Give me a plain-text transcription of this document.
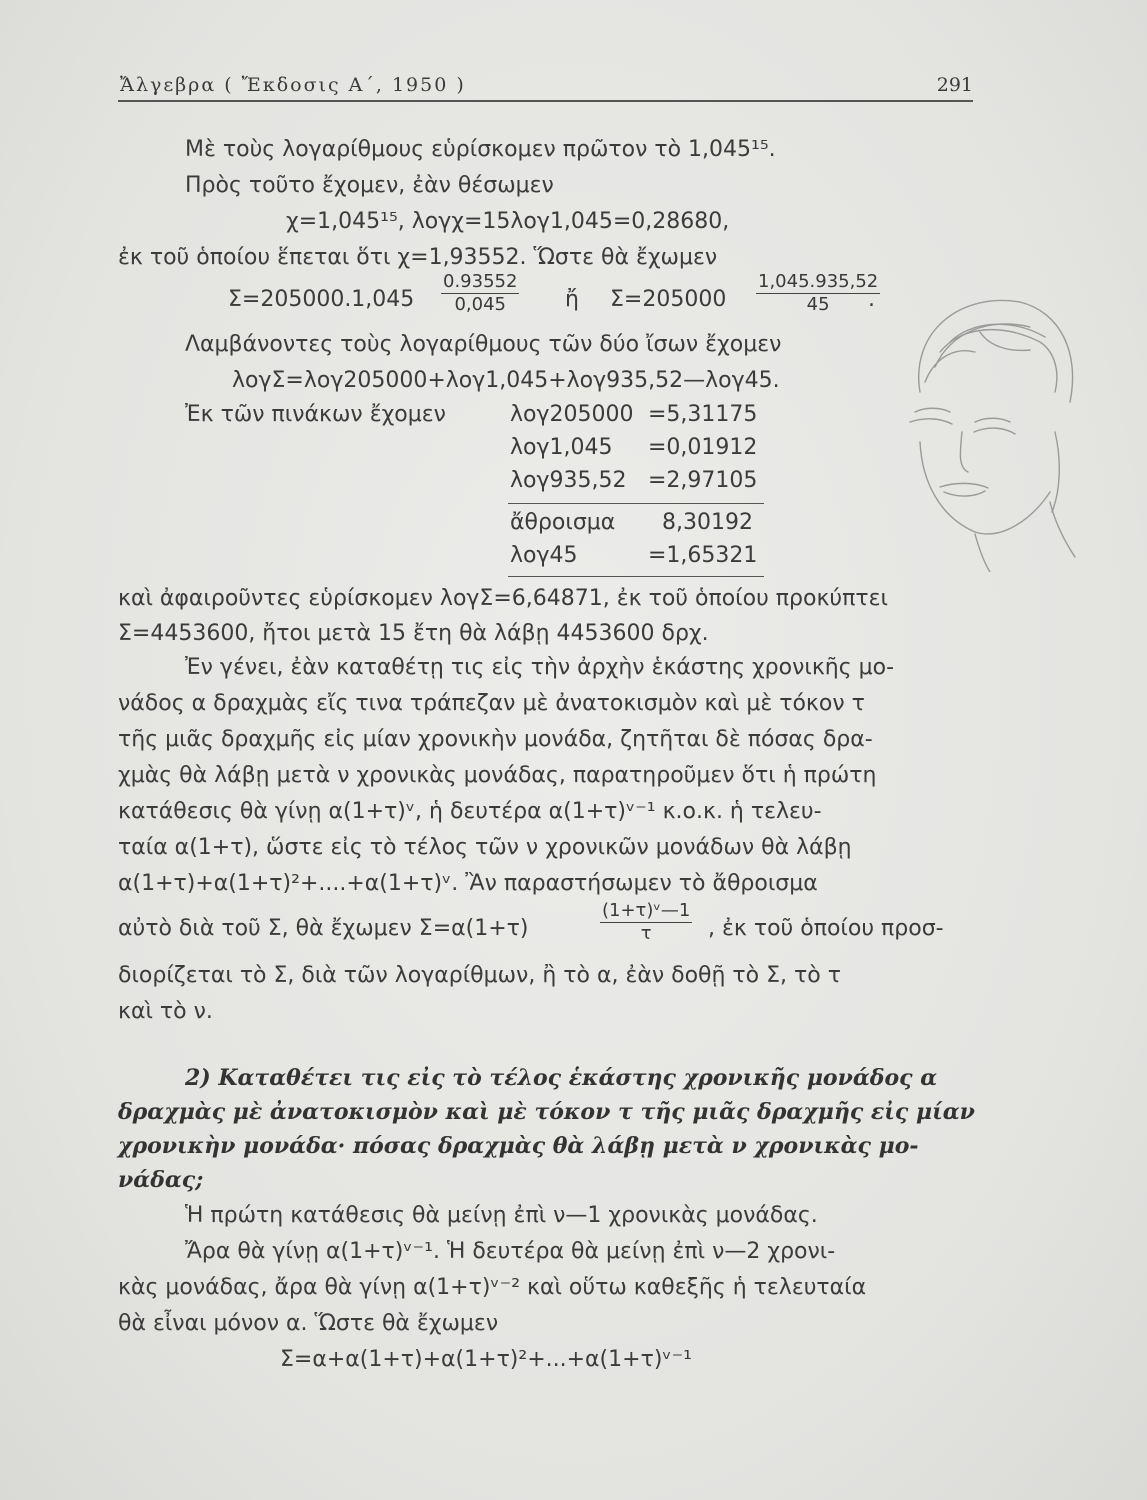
Ἄλγεβρα ( Ἔκδοσις Α΄, 1950 )	291
Μὲ τοὺς λογαρίθμους εὑρίσκομεν πρῶτον τὸ 1,045¹⁵.
Πρὸς τοῦτο ἔχομεν, ἐὰν θέσωμεν
χ=1,045¹⁵, λογχ=15λογ1,045=0,28680,
ἐκ τοῦ ὁποίου ἕπεται ὅτι χ=1,93552. Ὥστε θὰ ἔχωμεν
$\Sigma=205000.1,045 \frac{0.93552}{0,045}$ ἤ $\Sigma=205000 \frac{1,045.935,52}{45}$
.
Λαμβάνοντες τοὺς λογαρίθμους τῶν δύο ἴσων ἔχομεν
λογΣ=λογ205000+λογ1,045+λογ935,52—λογ45.
Ἐκ τῶν πινάκων ἔχομεν	λογ205000 =5,31175
λογ1,045 =0,01912
λογ935,52 =2,97105
ἄθροισμα 8,30192
λογ45	=1,65321
καὶ ἀφαιροῦντες εὑρίσκομεν λογΣ=6,64871, ἐκ τοῦ ὁποίου προκύπτει
Σ=4453600, ἤτοι μετὰ 15 ἔτη θὰ λάβῃ 4453600 δρχ.
Ἐν γένει, ἐὰν καταθέτῃ τις εἰς τὴν ἀρχὴν ἑκάστης χρονικῆς μο-
νάδος α δραχμὰς εἴς τινα τράπεζαν μὲ ἀνατοκισμὸν καὶ μὲ τόκον τ
τῆς μιᾶς δραχμῆς εἰς μίαν χρονικὴν μονάδα, ζητῆται δὲ πόσας δρα-
χμὰς θὰ λάβῃ μετὰ ν χρονικὰς μονάδας, παρατηροῦμεν ὅτι ἡ πρώτη
κατάθεσις θὰ γίνῃ α(1+τ)ᵛ, ἡ δευτέρα α(1+τ)ᵛ⁻¹ κ.ο.κ. ἡ τελευ-
ταία α(1+τ), ὥστε εἰς τὸ τέλος τῶν ν χρονικῶν μονάδων θὰ λάβῃ
α(1+τ)+α(1+τ)²+....+α(1+τ)ᵛ. Ἂν παραστήσωμεν τὸ ἄθροισμα
αὐτὸ διὰ τοῦ Σ, θὰ ἔχωμεν Σ=α(1+τ)	$\frac{\text{(1+τ)ᵛ—1}}{\tau}$ , ἐκ τοῦ ὁποίου προσ-
διορίζεται τὸ Σ, διὰ τῶν λογαρίθμων, ἢ τὸ α, ἐὰν δοθῇ τὸ Σ, τὸ τ
καὶ τὸ ν.
2) Καταθέτει τις εἰς τὸ τέλος ἑκάστης χρονικῆς μονάδος α
δραχμὰς μὲ ἀνατοκισμὸν καὶ μὲ τόκον τ τῆς μιᾶς δραχμῆς εἰς μίαν
χρονικὴν μονάδα· πόσας δραχμὰς θὰ λάβῃ μετὰ ν χρονικὰς μο-
νάδας;
Ἡ πρώτη κατάθεσις θὰ μείνῃ ἐπὶ ν—1 χρονικὰς μονάδας.
Ἄρα θὰ γίνῃ α(1+τ)ᵛ⁻¹. Ἡ δευτέρα θὰ μείνῃ ἐπὶ ν—2 χρονι-
κὰς μονάδας, ἄρα θὰ γίνῃ α(1+τ)ᵛ⁻² καὶ οὕτω καθεξῆς ἡ τελευταία
θὰ εἶναι μόνον α. Ὥστε θὰ ἔχωμεν
Σ=α+α(1+τ)+α(1+τ)²+...+α(1+τ)ᵛ⁻¹
